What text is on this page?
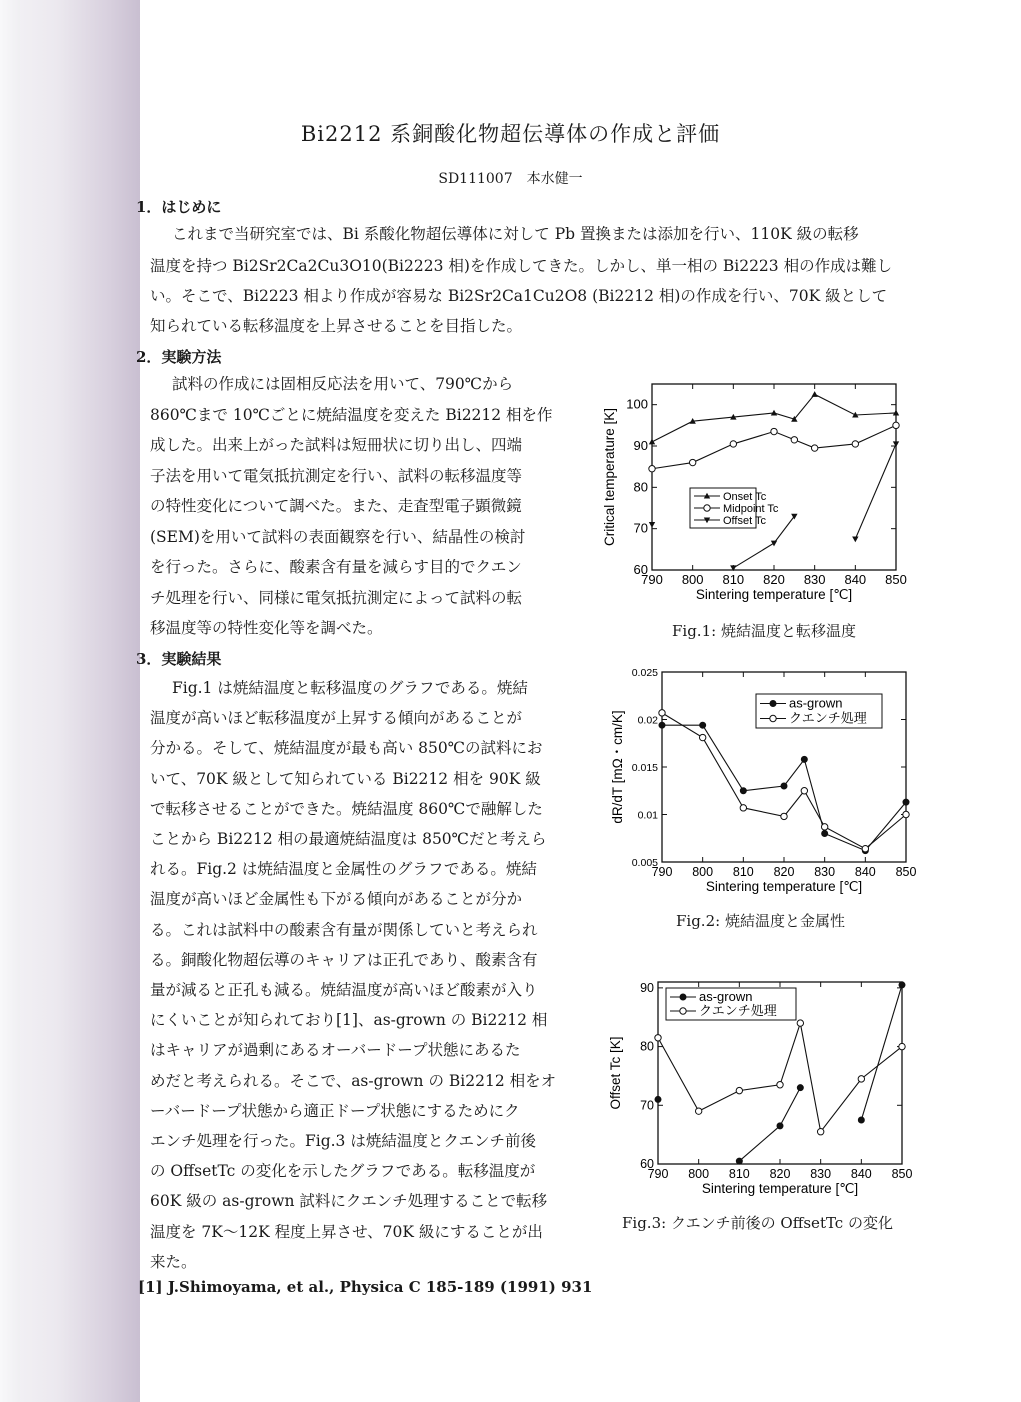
Bi2212 系銅酸化物超伝導体の作成と評価
SD111007　本水健一
1．はじめに
これまで当研究室では、Bi 系酸化物超伝導体に対して Pb 置換または添加を行い、110K 級の転移
温度を持つ Bi2Sr2Ca2Cu3O10(Bi2223 相)を作成してきた。しかし、単一相の Bi2223 相の作成は難し
い。そこで、Bi2223 相より作成が容易な Bi2Sr2Ca1Cu2O8 (Bi2212 相)の作成を行い、70K 級として
知られている転移温度を上昇させることを目指した。
2．実験方法
試料の作成には固相反応法を用いて、790℃から
860℃まで 10℃ごとに焼結温度を変えた Bi2212 相を作
成した。出来上がった試料は短冊状に切り出し、四端
子法を用いて電気抵抗測定を行い、試料の転移温度等
の特性変化について調べた。また、走査型電子顕微鏡
(SEM)を用いて試料の表面観察を行い、結晶性の検討
を行った。さらに、酸素含有量を減らす目的でクエン
チ処理を行い、同様に電気抵抗測定によって試料の転
移温度等の特性変化等を調べた。
3．実験結果
Fig.1 は焼結温度と転移温度のグラフである。焼結
温度が高いほど転移温度が上昇する傾向があることが
分かる。そして、焼結温度が最も高い 850℃の試料にお
いて、70K 級として知られている Bi2212 相を 90K 級
で転移させることができた。焼結温度 860℃で融解した
ことから Bi2212 相の最適焼結温度は 850℃だと考えら
れる。Fig.2 は焼結温度と金属性のグラフである。焼結
温度が高いほど金属性も下がる傾向があることが分か
る。これは試料中の酸素含有量が関係していと考えられ
る。銅酸化物超伝導のキャリアは正孔であり、酸素含有
量が減ると正孔も減る。焼結温度が高いほど酸素が入り
にくいことが知られており[1]、as-grown の Bi2212 相
はキャリアが過剰にあるオーバードープ状態にあるた
めだと考えられる。そこで、as-grown の Bi2212 相をオ
ーバードープ状態から適正ドープ状態にするためにク
エンチ処理を行った。Fig.3 は焼結温度とクエンチ前後
の OffsetTc の変化を示したグラフである。転移温度が
60K 級の as-grown 試料にクエンチ処理することで転移
温度を 7K～12K 程度上昇させ、70K 級にすることが出
来た。
[1] J.Shimoyama, et al., Physica C 185-189 (1991) 931
790 800 810 820 830 840 850
60
70
80
90
100
Sintering temperature [℃]
Critical temperature [K]	Onset Tc
Midpoint Tc
Offset Tc
Fig.1: 焼結温度と転移温度
790 800 810 820 830 840 850
0.005
0.01
0.015
0.02
0.025
Sintering temperature [℃]
dR/dT [mΩ・cm/K]
as-grown
クエンチ処理
Fig.2: 焼結温度と金属性
790 800 810 820 830 840 850
60
70
80
90
Sintering temperature [℃]
Offset Tc [K]
as-grown
クエンチ処理
Fig.3: クエンチ前後の OffsetTc の変化
